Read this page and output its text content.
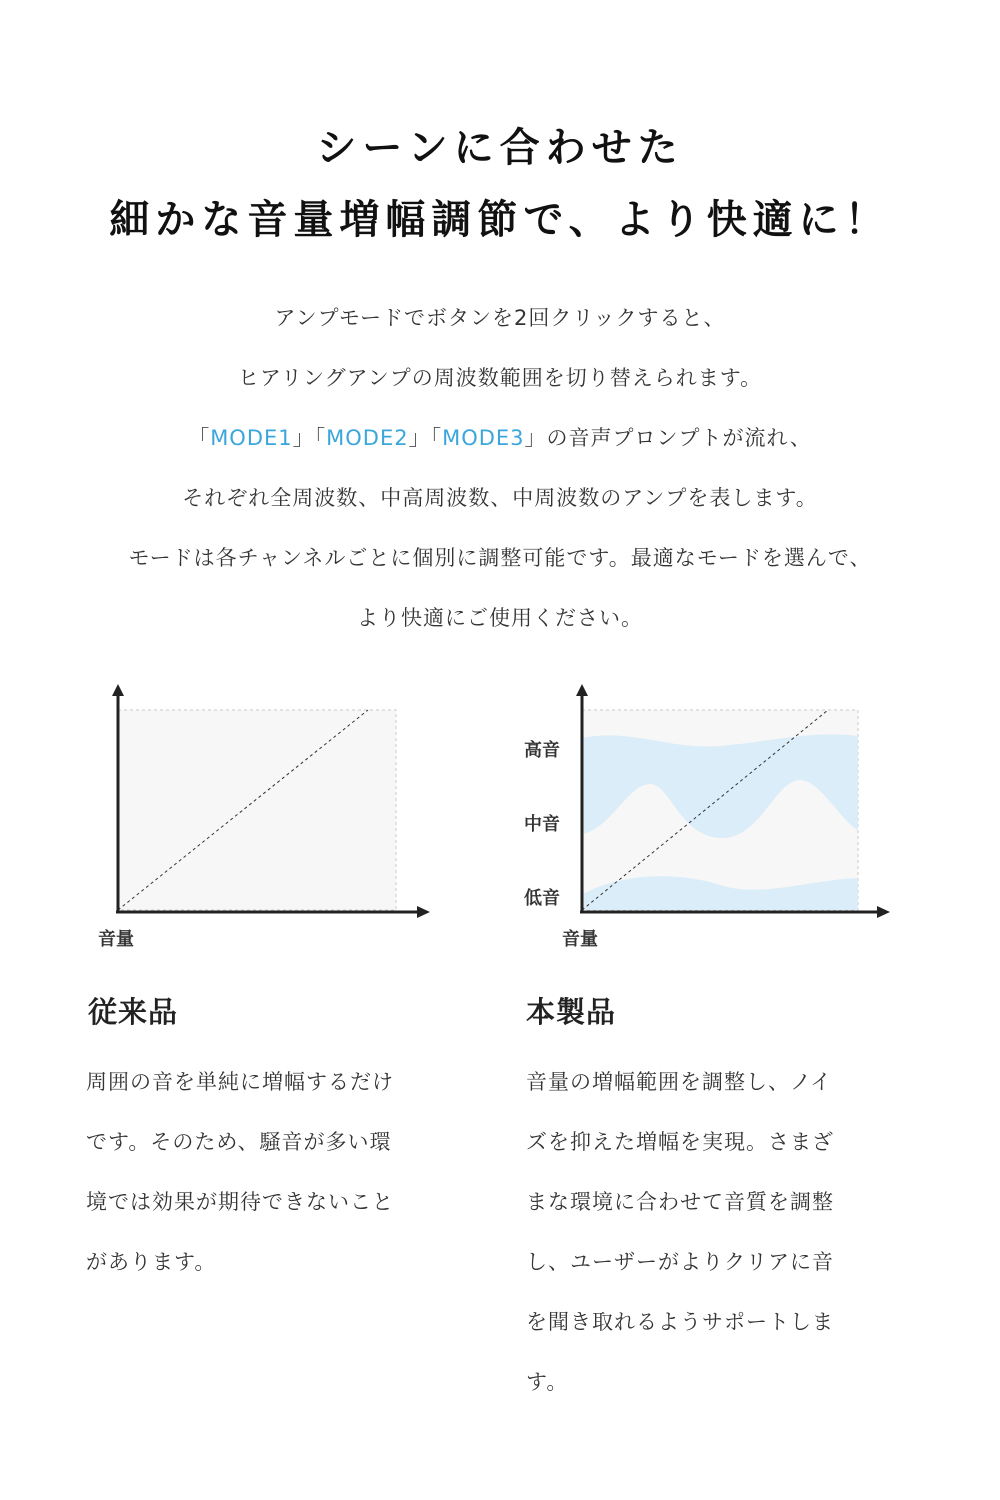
シーンに合わせた
細かな音量増幅調節で、より快適に！
アンプモードでボタンを2回クリックすると、
ヒアリングアンプの周波数範囲を切り替えられます。
「MODE1」「MODE2」「MODE3」の音声プロンプトが流れ、
それぞれ全周波数、中高周波数、中周波数のアンプを表します。
モードは各チャンネルごとに個別に調整可能です。最適なモードを選んで、
より快適にご使用ください。
音量
高音
中音
低音
音量
従来品
周囲の音を単純に増幅するだけ
です。そのため、騒音が多い環
境では効果が期待できないこと
があります。
本製品
音量の増幅範囲を調整し、ノイ
ズを抑えた増幅を実現。さまざ
まな環境に合わせて音質を調整
し、ユーザーがよりクリアに音
を聞き取れるようサポートしま
す。
